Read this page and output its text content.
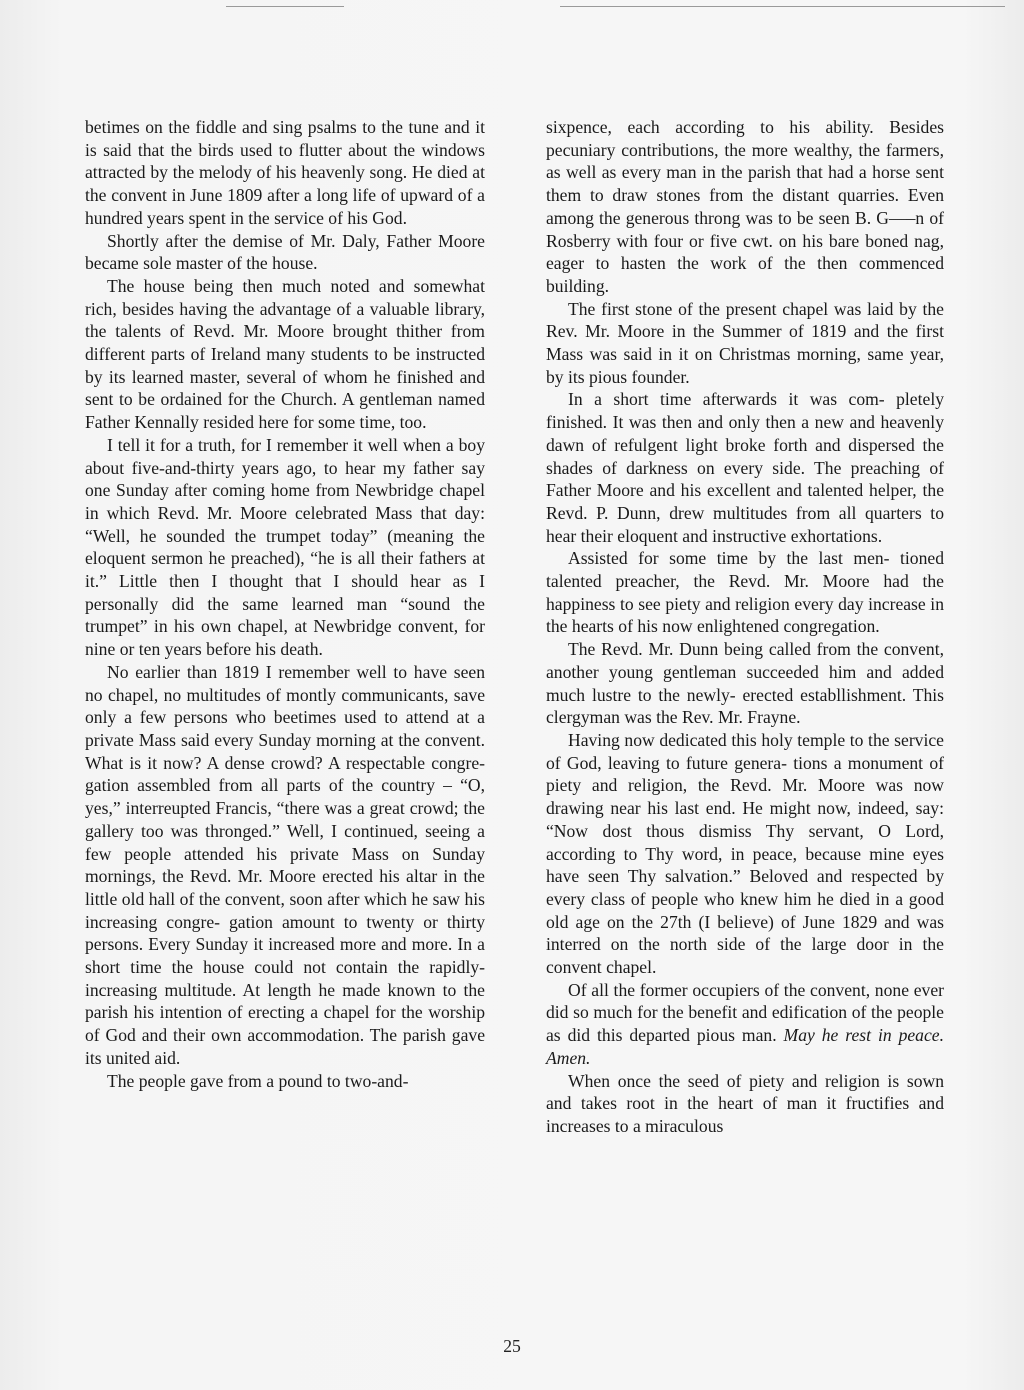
betimes on the fiddle and sing psalms to the tune and it is said that the birds used to flutter about the windows attracted by the melody of his heavenly song. He died at the convent in June 1809 after a long life of upward of a hundred years spent in the service of his God.

Shortly after the demise of Mr. Daly, Father Moore became sole master of the house.

The house being then much noted and somewhat rich, besides having the advantage of a valuable library, the talents of Revd. Mr. Moore brought thither from different parts of Ireland many students to be instructed by its learned master, several of whom he finished and sent to be ordained for the Church. A gentleman named Father Kennally resided here for some time, too.

I tell it for a truth, for I remember it well when a boy about five-and-thirty years ago, to hear my father say one Sunday after coming home from Newbridge chapel in which Revd. Mr. Moore celebrated Mass that day: “Well, he sounded the trumpet today” (meaning the eloquent sermon he preached), “he is all their fathers at it.” Little then I thought that I should hear as I personally did the same learned man “sound the trumpet” in his own chapel, at Newbridge convent, for nine or ten years before his death.

No earlier than 1819 I remember well to have seen no chapel, no multitudes of montly communicants, save only a few persons who beetimes used to attend at a private Mass said every Sunday morning at the convent. What is it now? A dense crowd? A respectable congre- gation assembled from all parts of the country – “O, yes,” interreupted Francis, “there was a great crowd; the gallery too was thronged.” Well, I continued, seeing a few people attended his private Mass on Sunday mornings, the Revd. Mr. Moore erected his altar in the little old hall of the convent, soon after which he saw his increasing congre- gation amount to twenty or thirty persons. Every Sunday it increased more and more. In a short time the house could not contain the rapidly-increasing multitude. At length he made known to the parish his intention of erecting a chapel for the worship of God and their own accommodation. The parish gave its united aid.

The people gave from a pound to two-and-

sixpence, each according to his ability. Besides pecuniary contributions, the more wealthy, the farmers, as well as every man in the parish that had a horse sent them to draw stones from the distant quarries. Even among the generous throng was to be seen B. G—–n of Rosberry with four or five cwt. on his bare boned nag, eager to hasten the work of the then commenced building.

The first stone of the present chapel was laid by the Rev. Mr. Moore in the Summer of 1819 and the first Mass was said in it on Christmas morning, same year, by its pious founder.

In a short time afterwards it was com- pletely finished. It was then and only then a new and heavenly dawn of refulgent light broke forth and dispersed the shades of darkness on every side. The preaching of Father Moore and his excellent and talented helper, the Revd. P. Dunn, drew multitudes from all quarters to hear their eloquent and instructive exhortations.

Assisted for some time by the last men- tioned talented preacher, the Revd. Mr. Moore had the happiness to see piety and religion every day increase in the hearts of his now enlightened congregation.

The Revd. Mr. Dunn being called from the convent, another young gentleman succeeded him and added much lustre to the newly- erected establlishment. This clergyman was the Rev. Mr. Frayne.

Having now dedicated this holy temple to the service of God, leaving to future genera- tions a monument of piety and religion, the Revd. Mr. Moore was now drawing near his last end. He might now, indeed, say: “Now dost thous dismiss Thy servant, O Lord, according to Thy word, in peace, because mine eyes have seen Thy salvation.” Beloved and respected by every class of people who knew him he died in a good old age on the 27th (I believe) of June 1829 and was interred on the north side of the large door in the convent chapel.

Of all the former occupiers of the convent, none ever did so much for the benefit and edification of the people as did this departed pious man. May he rest in peace. Amen.

When once the seed of piety and religion is sown and takes root in the heart of man it fructifies and increases to a miraculous

25
